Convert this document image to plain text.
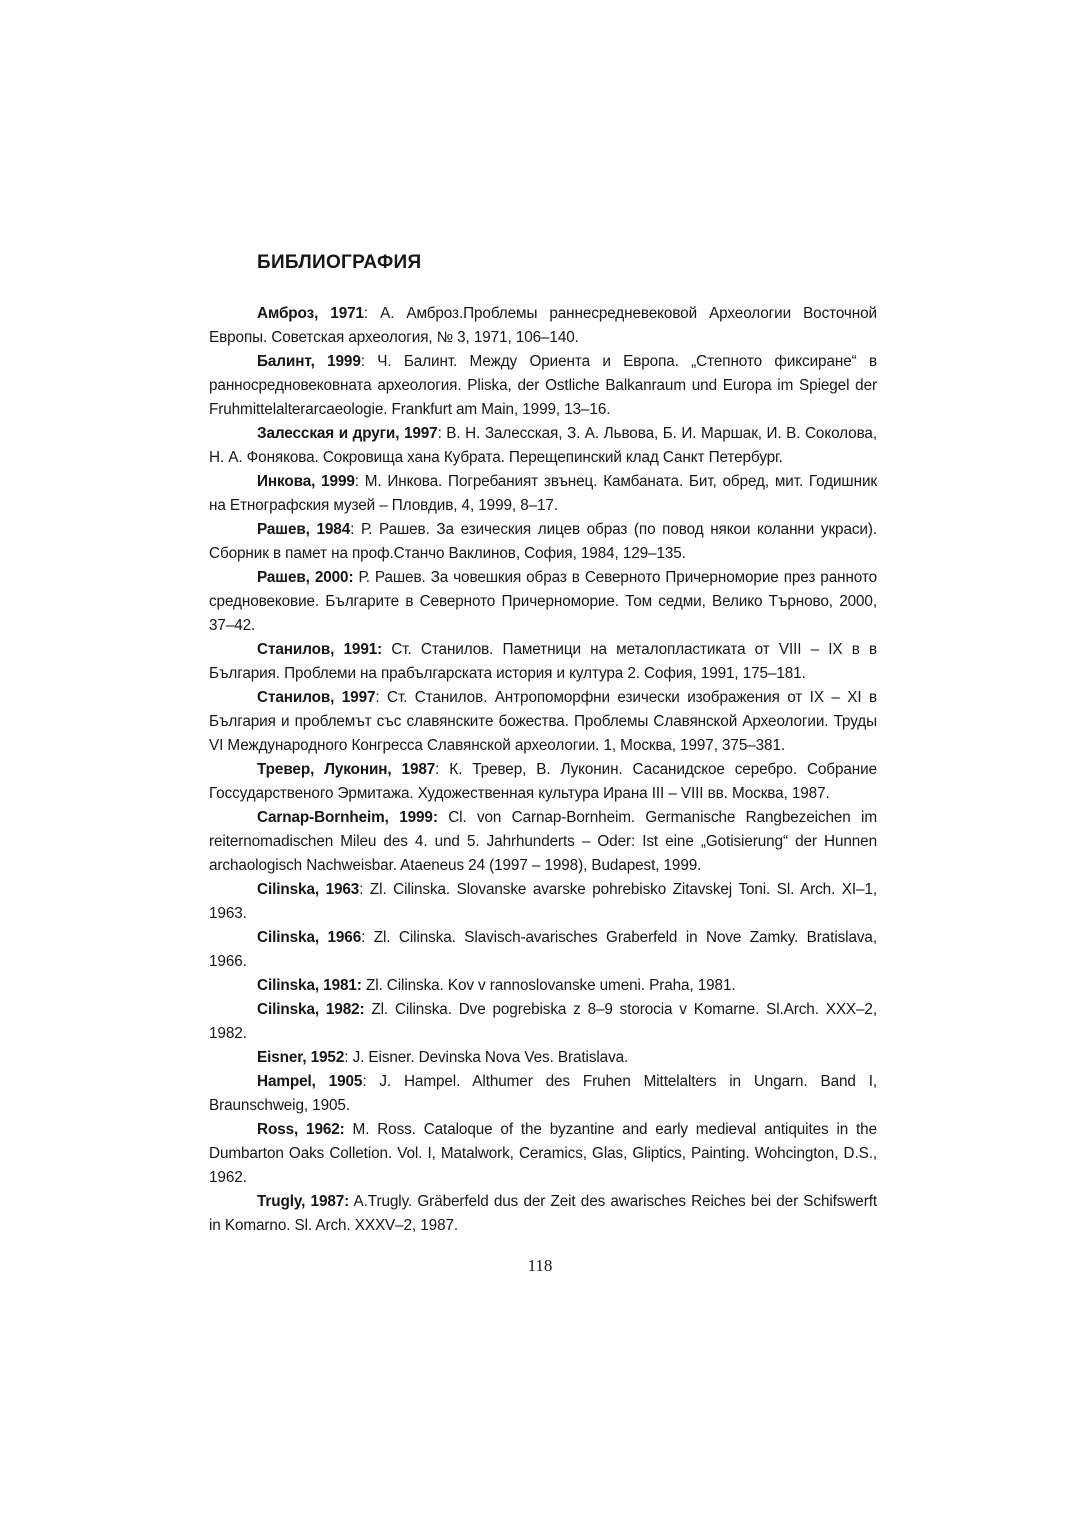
БИБЛИОГРАФИЯ

Амброз, 1971: А. Амброз.Проблемы раннесредневековой Археологии Восточной Европы. Советская археология, № 3, 1971, 106–140.

Балинт, 1999: Ч. Балинт. Между Ориента и Европа. „Степното фиксиране“ в ранносредновековната археология. Pliska, der Ostliche Balkanraum und Europa im Spiegel der Fruhmittelalterarcaeologie. Frankfurt am Main, 1999, 13–16.

Залесская и други, 1997: В. Н. Залесская, З. А. Львова, Б. И. Маршак, И. В. Соколова, Н. А. Фонякова. Сокровища хана Кубрата. Перещепинский клад Санкт Петербург.

Инкова, 1999: М. Инкова. Погребаният звънец. Камбаната. Бит, обред, мит. Годишник на Етнографския музей – Пловдив, 4, 1999, 8–17.

Рашев, 1984: Р. Рашев. За езическия лицев образ (по повод някои коланни украси). Сборник в памет на проф.Станчо Ваклинов, София, 1984, 129–135.

Рашев, 2000: Р. Рашев. За човешкия образ в Северното Причерноморие през ранното средновековие. Българите в Северното Причерноморие. Том седми, Велико Търново, 2000, 37–42.

Станилов, 1991: Ст. Станилов. Паметници на металопластиката от VIII – IX в в България. Проблеми на прабългарската история и култура 2. София, 1991, 175–181.

Станилов, 1997: Ст. Станилов. Антропоморфни езически изображения от IX – XI в България и проблемът със славянските божества. Проблемы Славянской Археологии. Труды VI Международного Конгресса Славянской археологии. 1, Москва, 1997, 375–381.

Тревер, Луконин, 1987: К. Тревер, В. Луконин. Сасанидское серебро. Собрание Госсударственого Эрмитажа. Художественная культура Ирана III – VIII вв. Москва, 1987.

Carnap-Bornheim, 1999: Cl. von Carnap-Bornheim. Germanische Rangbezeichen im reiternomadischen Mileu des 4. und 5. Jahrhunderts – Oder: Ist eine „Gotisierung“ der Hunnen archaologisch Nachweisbar. Ataeneus 24 (1997 – 1998), Budapest, 1999.

Cilinska, 1963: Zl. Cilinska. Slovanske avarske pohrebisko Zitavskej Toni. Sl. Arch. XI–1, 1963.

Cilinska, 1966: Zl. Cilinska. Slavisch-avarisches Graberfeld in Nove Zamky. Bratislava, 1966.

Cilinska, 1981: Zl. Cilinska. Kov v rannoslovanske umeni. Praha, 1981.

Cilinska, 1982: Zl. Cilinska. Dve pogrebiska z 8–9 storocia v Komarne. Sl.Arch. XXX–2, 1982.

Eisner, 1952: J. Eisner. Devinska Nova Ves. Bratislava.

Hampel, 1905: J. Hampel. Althumer des Fruhen Mittelalters in Ungarn. Band I, Braunschweig, 1905.

Ross, 1962: M. Ross. Cataloque of the byzantine and early medieval antiquites in the Dumbarton Oaks Colletion. Vol. I, Matalwork, Ceramics, Glas, Gliptics, Painting. Wohcington, D.S., 1962.

Trugly, 1987: A.Trugly. Gräberfeld dus der Zeit des awarisches Reiches bei der Schifswerft in Komarno. Sl. Arch. XXXV–2, 1987.

118
